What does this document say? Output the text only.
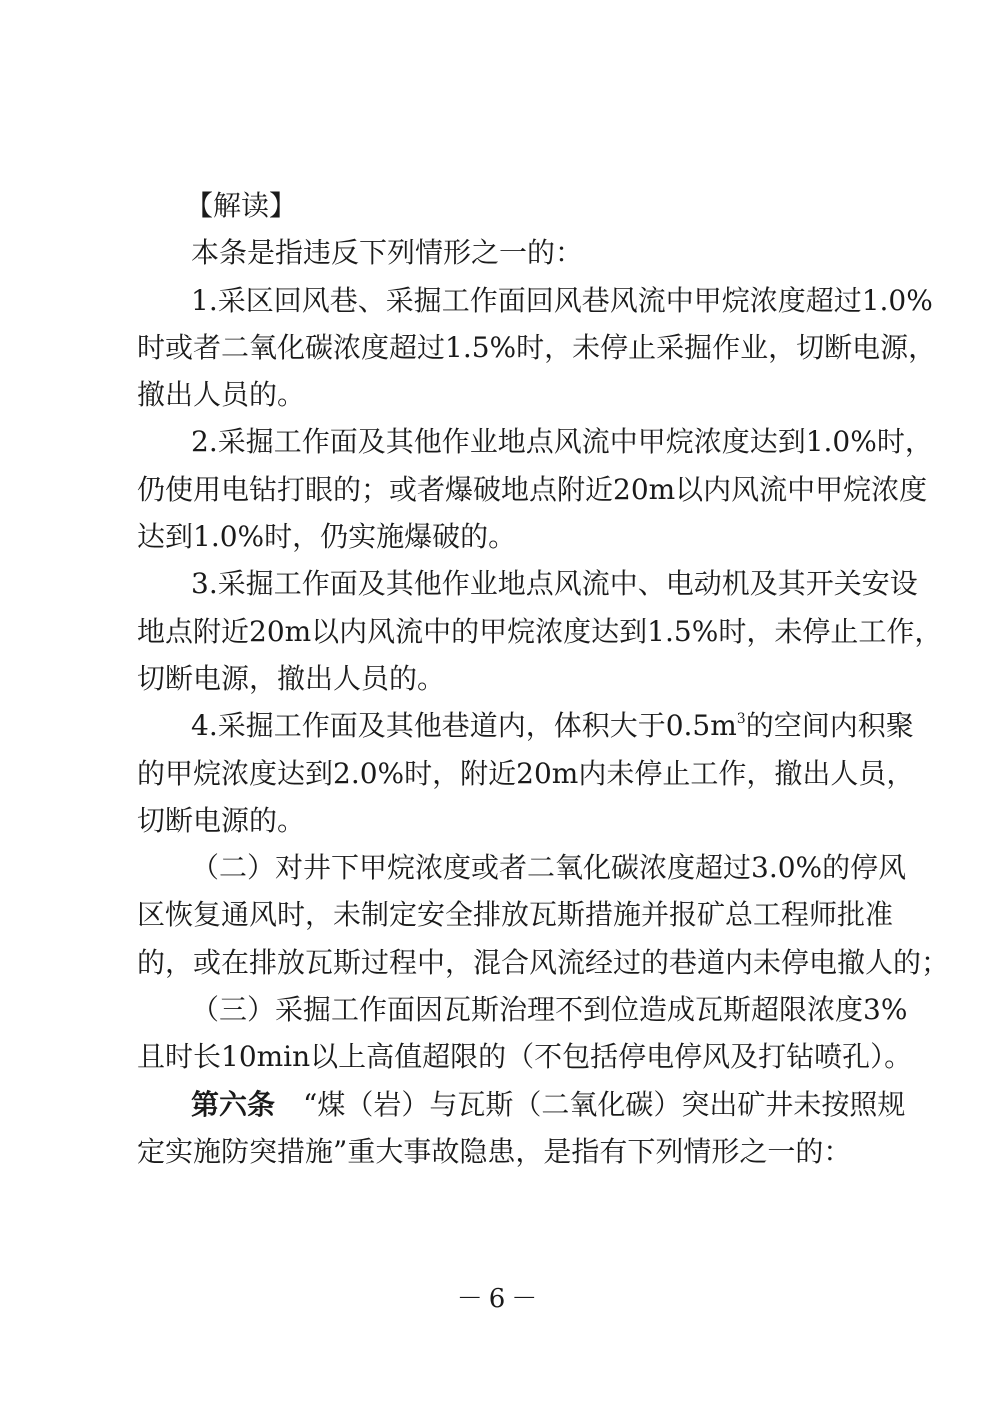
【解读】
本条是指违反下列情形之一的：
1.采区回风巷、采掘工作面回风巷风流中甲烷浓度超过1.0%
时或者二氧化碳浓度超过1.5%时，未停止采掘作业，切断电源，
撤出人员的。
2.采掘工作面及其他作业地点风流中甲烷浓度达到1.0%时，
仍使用电钻打眼的；或者爆破地点附近20m以内风流中甲烷浓度
达到1.0%时，仍实施爆破的。
3.采掘工作面及其他作业地点风流中、电动机及其开关安设
地点附近20m以内风流中的甲烷浓度达到1.5%时，未停止工作，
切断电源，撤出人员的。
4.采掘工作面及其他巷道内，体积大于$0.5m^3$的空间内积聚
的甲烷浓度达到2.0%时，附近20m内未停止工作，撤出人员，
切断电源的。
（二）对井下甲烷浓度或者二氧化碳浓度超过3.0%的停风
区恢复通风时，未制定安全排放瓦斯措施并报矿总工程师批准
的，或在排放瓦斯过程中，混合风流经过的巷道内未停电撤人的；
（三）采掘工作面因瓦斯治理不到位造成瓦斯超限浓度3%
且时长10min以上高值超限的（不包括停电停风及打钻喷孔）。
第六条 “煤（岩）与瓦斯（二氧化碳）突出矿井未按照规
定实施防突措施”重大事故隐患，是指有下列情形之一的：
－6－
